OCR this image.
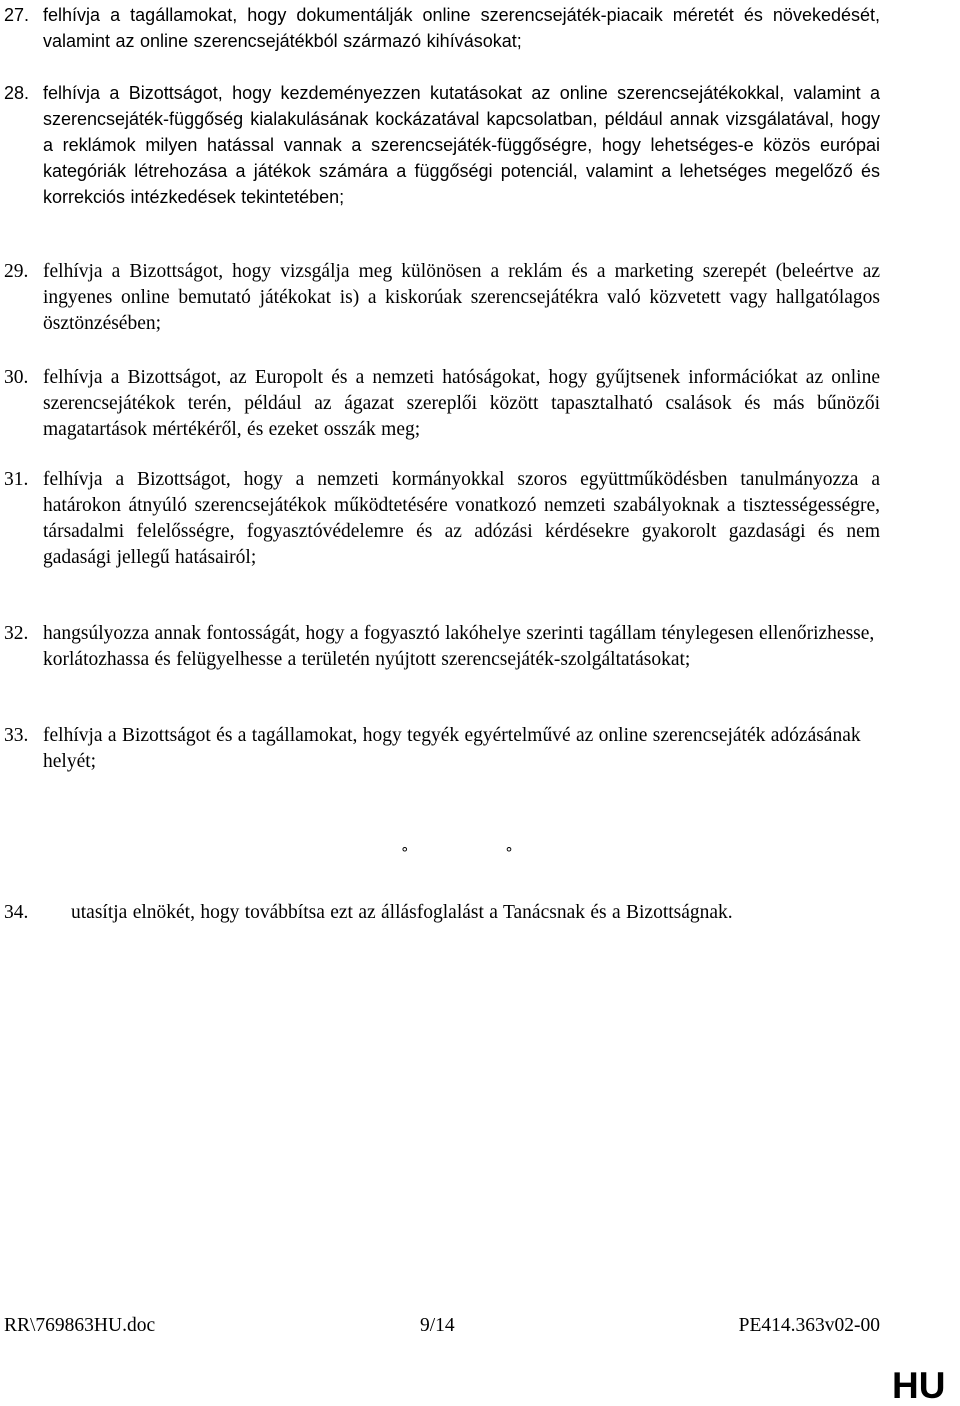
27. felhívja a tagállamokat, hogy dokumentálják online szerencsejáték-piacaik méretét és növekedését, valamint az online szerencsejátékból származó kihívásokat;
28. felhívja a Bizottságot, hogy kezdeményezzen kutatásokat az online szerencsejátékokkal, valamint a szerencsejáték-függőség kialakulásának kockázatával kapcsolatban, például annak vizsgálatával, hogy a reklámok milyen hatással vannak a szerencsejáték-függőségre, hogy lehetséges-e közös európai kategóriák létrehozása a játékok számára a függőségi potenciál, valamint a lehetséges megelőző és korrekciós intézkedések tekintetében;
29. felhívja a Bizottságot, hogy vizsgálja meg különösen a reklám és a marketing szerepét (beleértve az ingyenes online bemutató játékokat is) a kiskorúak szerencsejátékra való közvetett vagy hallgatólagos ösztönzésében;
30. felhívja a Bizottságot, az Europolt és a nemzeti hatóságokat, hogy gyűjtsenek információkat az online szerencsejátékok terén, például az ágazat szereplői között tapasztalható csalások és más bűnözői magatartások mértékéről, és ezeket osszák meg;
31. felhívja a Bizottságot, hogy a nemzeti kormányokkal szoros együttműködésben tanulmányozza a határokon átnyúló szerencsejátékok működtetésére vonatkozó nemzeti szabályoknak a tisztességességre, társadalmi felelősségre, fogyasztóvédelemre és az adózási kérdésekre gyakorolt gazdasági és nem gadasági jellegű hatásairól;
32. hangsúlyozza annak fontosságát, hogy a fogyasztó lakóhelye szerinti tagállam ténylegesen ellenőrizhesse, korlátozhassa és felügyelhesse a területén nyújtott szerencsejáték-szolgáltatásokat;
33. felhívja a Bizottságot és a tagállamokat, hogy tegyék egyértelművé az online szerencsejáték adózásának helyét;
° °
34.	utasítja elnökét, hogy továbbítsa ezt az állásfoglalást a Tanácsnak és a Bizottságnak.
RR\769863HU.doc	9/14	PE414.363v02-00
HU
